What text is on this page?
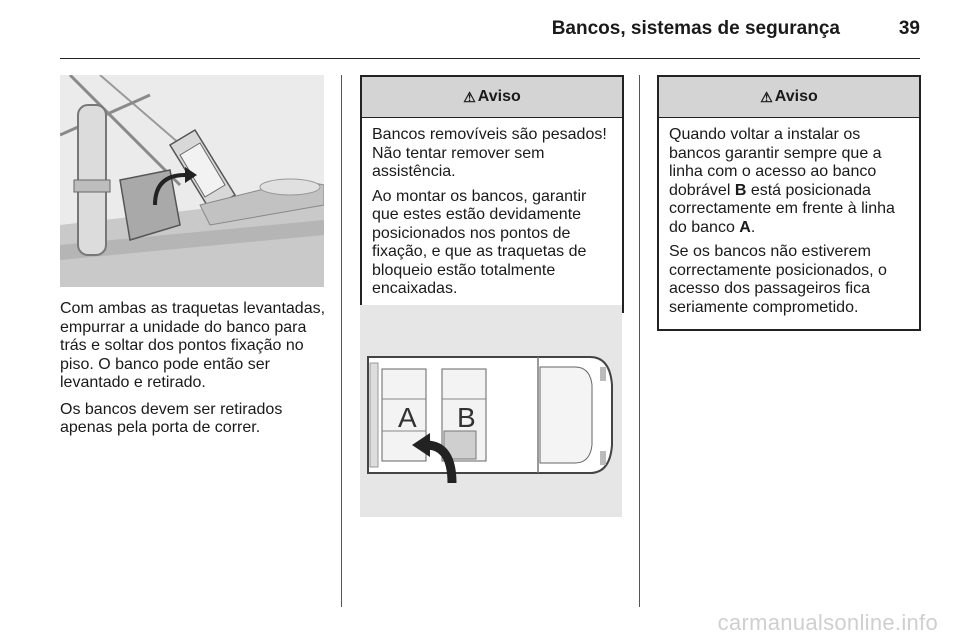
Bancos, sistemas de segurança	39

Com ambas as traquetas levantadas, empurrar a unidade do banco para trás e soltar dos pontos fixação no piso. O banco pode então ser levantado e retirado.

Os bancos devem ser retirados apenas pela porta de correr.

⚠ Aviso

Bancos removíveis são pesados! Não tentar remover sem assistência.

Ao montar os bancos, garantir que estes estão devidamente posicionados nos pontos de fixação, e que as traquetas de bloqueio estão totalmente encaixadas.

⚠ Aviso

Quando voltar a instalar os bancos garantir sempre que a linha com o acesso ao banco dobrável B está posicionada correctamente em frente à linha do banco A.

Se os bancos não estiverem correctamente posicionados, o acesso dos passageiros fica seriamente comprometido.

A B
carmanualsonline.info
